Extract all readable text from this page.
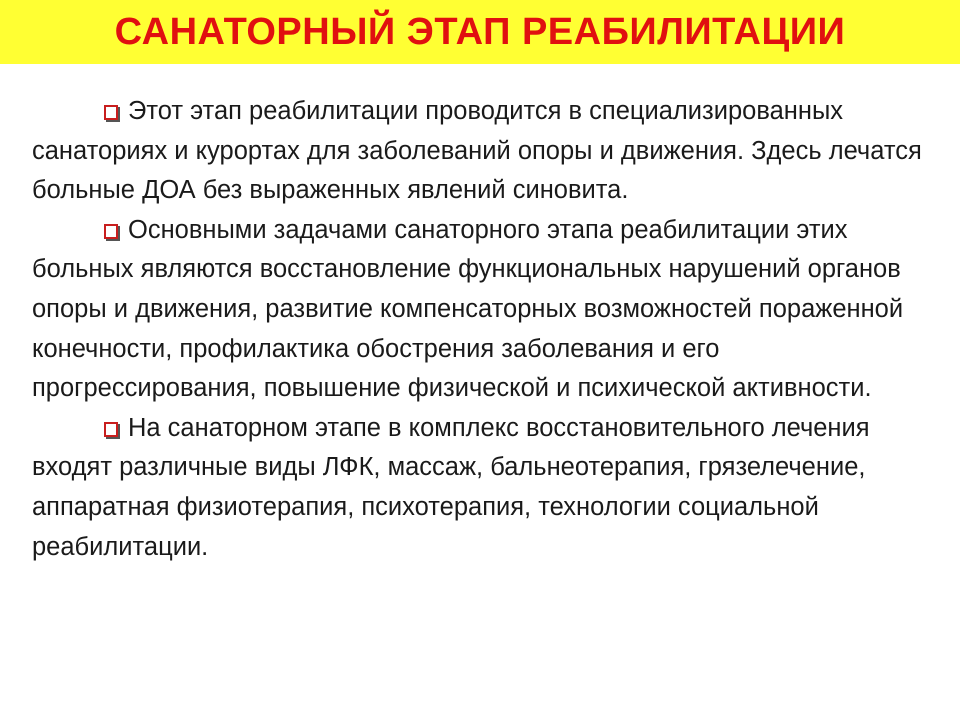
САНАТОРНЫЙ ЭТАП РЕАБИЛИТАЦИИ

Этот этап реабилитации проводится в специализированных санаториях и курортах для заболеваний опоры и движения. Здесь лечатся больные ДОА без выраженных явлений синовита.

Основными задачами санаторного этапа реабилитации этих больных являются восстановление функциональных нарушений органов опоры и движения, развитие компенсаторных возможностей пораженной конечности, профилактика обострения заболевания и его прогрессирования, повышение физической и психической активности.

На санаторном этапе в комплекс восстановительного лечения входят различные виды ЛФК, массаж, бальнеотерапия, грязелечение, аппаратная физиотерапия, психотерапия, технологии социальной реабилитации.
